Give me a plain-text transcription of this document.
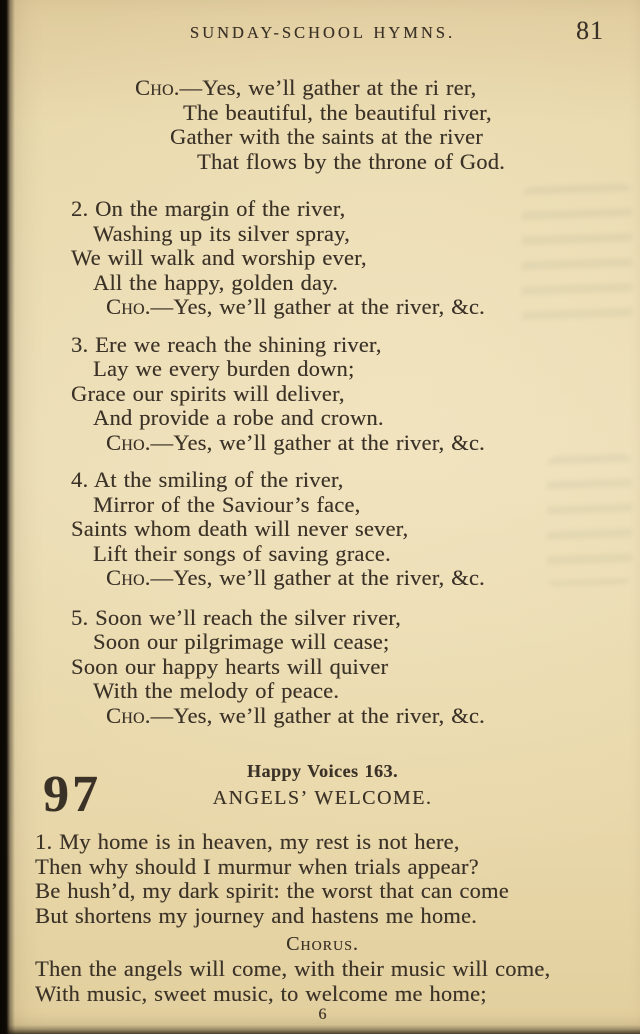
SUNDAY-SCHOOL HYMNS.	81
Cho.—Yes, we’ll gather at the ri rer,
The beautiful, the beautiful river,
Gather with the saints at the river
That flows by the throne of God.
2. On the margin of the river,
Washing up its silver spray,
We will walk and worship ever,
All the happy, golden day.
Cho.—Yes, we’ll gather at the river, &c.
3. Ere we reach the shining river,
Lay we every burden down;
Grace our spirits will deliver,
And provide a robe and crown.
Cho.—Yes, we’ll gather at the river, &c.
4. At the smiling of the river,
Mirror of the Saviour’s face,
Saints whom death will never sever,
Lift their songs of saving grace.
Cho.—Yes, we’ll gather at the river, &c.
5. Soon we’ll reach the silver river,
Soon our pilgrimage will cease;
Soon our happy hearts will quiver
With the melody of peace.
Cho.—Yes, we’ll gather at the river, &c.
97	Happy Voices 163.
ANGELS’ WELCOME.
1. My home is in heaven, my rest is not here,
Then why should I murmur when trials appear?
Be hush’d, my dark spirit: the worst that can come
But shortens my journey and hastens me home.
Chorus.
Then the angels will come, with their music will come,
With music, sweet music, to welcome me home;
6
